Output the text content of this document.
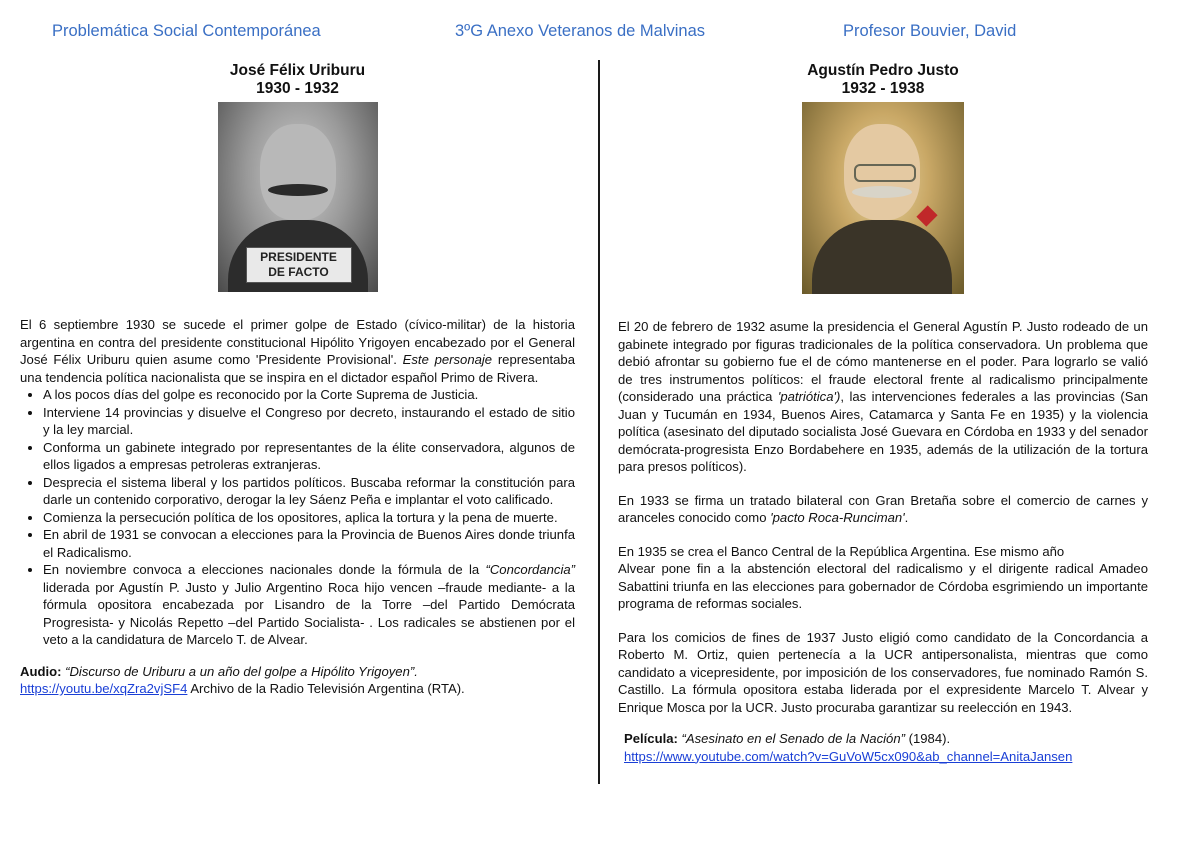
Problemática Social Contemporánea	3ºG Anexo Veteranos de Malvinas	Profesor Bouvier, David
José Félix Uriburu
1930 - 1932
PRESIDENTE
DE FACTO
El 6 septiembre 1930 se sucede el primer golpe de Estado (cívico-militar) de la historia argentina en contra del presidente constitucional Hipólito Yrigoyen encabezado por el General José Félix Uriburu quien asume como 'Presidente Provisional'. Este personaje representaba una tendencia política nacionalista que se inspira en el dictador español Primo de Rivera.
• A los pocos días del golpe es reconocido por la Corte Suprema de Justicia.
• Interviene 14 provincias y disuelve el Congreso por decreto, instaurando el estado de sitio y la ley marcial.
• Conforma un gabinete integrado por representantes de la élite conservadora, algunos de ellos ligados a empresas petroleras extranjeras.
• Desprecia el sistema liberal y los partidos políticos. Buscaba reformar la constitución para darle un contenido corporativo, derogar la ley Sáenz Peña e implantar el voto calificado.
• Comienza la persecución política de los opositores, aplica la tortura y la pena de muerte.
• En abril de 1931 se convocan a elecciones para la Provincia de Buenos Aires donde triunfa el Radicalismo.
• En noviembre convoca a elecciones nacionales donde la fórmula de la “Concordancia” liderada por Agustín P. Justo y Julio Argentino Roca hijo vencen –fraude mediante- a la fórmula opositora encabezada por Lisandro de la Torre –del Partido Demócrata Progresista- y Nicolás Repetto –del Partido Socialista- . Los radicales se abstienen por el veto a la candidatura de Marcelo T. de Alvear.
Audio: “Discurso de Uriburu a un año del golpe a Hipólito Yrigoyen”.
https://youtu.be/xqZra2vjSF4 Archivo de la Radio Televisión Argentina (RTA).
Agustín Pedro Justo
1932 - 1938
El 20 de febrero de 1932 asume la presidencia el General Agustín P. Justo rodeado de un gabinete integrado por figuras tradicionales de la política conservadora. Un problema que debió afrontar su gobierno fue el de cómo mantenerse en el poder. Para lograrlo se valió de tres instrumentos políticos: el fraude electoral frente al radicalismo principalmente (considerado una práctica 'patriótica'), las intervenciones federales a las provincias (San Juan y Tucumán en 1934, Buenos Aires, Catamarca y Santa Fe en 1935) y la violencia política (asesinato del diputado socialista José Guevara en Córdoba en 1933 y del senador demócrata-progresista Enzo Bordabehere en 1935, además de la utilización de la tortura para presos políticos).
En 1933 se firma un tratado bilateral con Gran Bretaña sobre el comercio de carnes y aranceles conocido como 'pacto Roca-Runciman'.
En 1935 se crea el Banco Central de la República Argentina. Ese mismo año
Alvear pone fin a la abstención electoral del radicalismo y el dirigente radical Amadeo Sabattini triunfa en las elecciones para gobernador de Córdoba esgrimiendo un importante programa de reformas sociales.
Para los comicios de fines de 1937 Justo eligió como candidato de la Concordancia a Roberto M. Ortiz, quien pertenecía a la UCR antipersonalista, mientras que como candidato a vicepresidente, por imposición de los conservadores, fue nominado Ramón S. Castillo. La fórmula opositora estaba liderada por el expresidente Marcelo T. Alvear y Enrique Mosca por la UCR. Justo procuraba garantizar su reelección en 1943.
Película: “Asesinato en el Senado de la Nación” (1984).
https://www.youtube.com/watch?v=GuVoW5cx090&ab_channel=AnitaJansen
